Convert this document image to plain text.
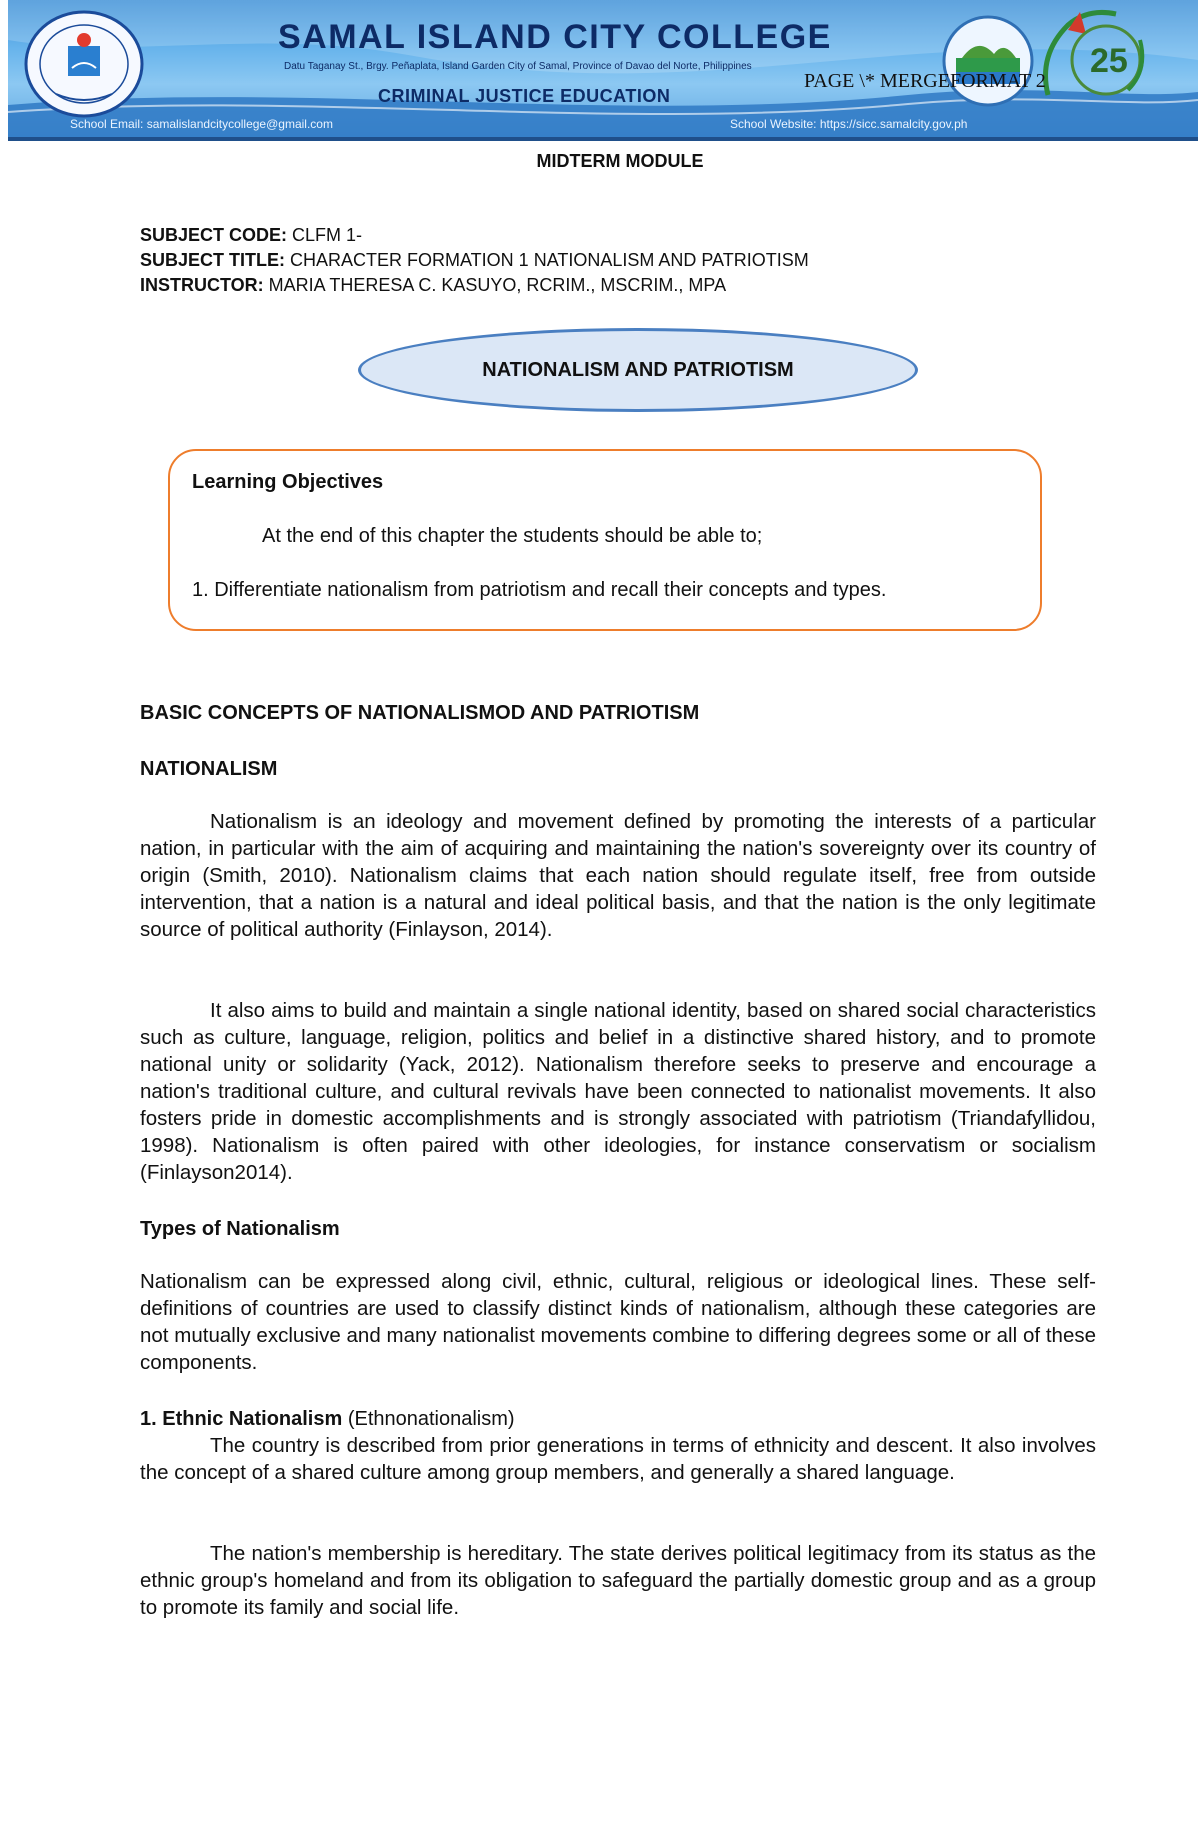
SAMAL ISLAND CITY COLLEGE
Datu Taganay St., Brgy. Peñaplata, Island Garden City of Samal, Province of Davao del Norte, Philippines
CRIMINAL JUSTICE EDUCATION
School Email: samalislandcitycollege@gmail.com	School Website: https://sicc.samalcity.gov.ph
25
PAGE \* MERGEFORMAT 2
MIDTERM MODULE
SUBJECT CODE: CLFM 1-
SUBJECT TITLE: CHARACTER FORMATION 1 NATIONALISM AND PATRIOTISM
INSTRUCTOR: MARIA THERESA C. KASUYO, RCRIM., MSCRIM., MPA
NATIONALISM AND PATRIOTISM
Learning Objectives
At the end of this chapter the students should be able to;
1. Differentiate nationalism from patriotism and recall their concepts and types.
BASIC CONCEPTS OF NATIONALISMOD AND PATRIOTISM
NATIONALISM

Nationalism is an ideology and movement defined by promoting the interests of a particular nation, in particular with the aim of acquiring and maintaining the nation's sovereignty over its country of origin (Smith, 2010). Nationalism claims that each nation should regulate itself, free from outside intervention, that a nation is a natural and ideal political basis, and that the nation is the only legitimate source of political authority (Finlayson, 2014).

It also aims to build and maintain a single national identity, based on shared social characteristics such as culture, language, religion, politics and belief in a distinctive shared history, and to promote national unity or solidarity (Yack, 2012). Nationalism therefore seeks to preserve and encourage a nation's traditional culture, and cultural revivals have been connected to nationalist movements. It also fosters pride in domestic accomplishments and is strongly associated with patriotism (Triandafyllidou, 1998). Nationalism is often paired with other ideologies, for instance conservatism or socialism (Finlayson2014).

Types of Nationalism

Nationalism can be expressed along civil, ethnic, cultural, religious or ideological lines. These self- definitions of countries are used to classify distinct kinds of nationalism, although these categories are not mutually exclusive and many nationalist movements combine to differing degrees some or all of these components.

1. Ethnic Nationalism (Ethnonationalism)

The country is described from prior generations in terms of ethnicity and descent. It also involves the concept of a shared culture among group members, and generally a shared language.

The nation's membership is hereditary. The state derives political legitimacy from its status as the ethnic group's homeland and from its obligation to safeguard the partially domestic group and as a group to promote its family and social life.
